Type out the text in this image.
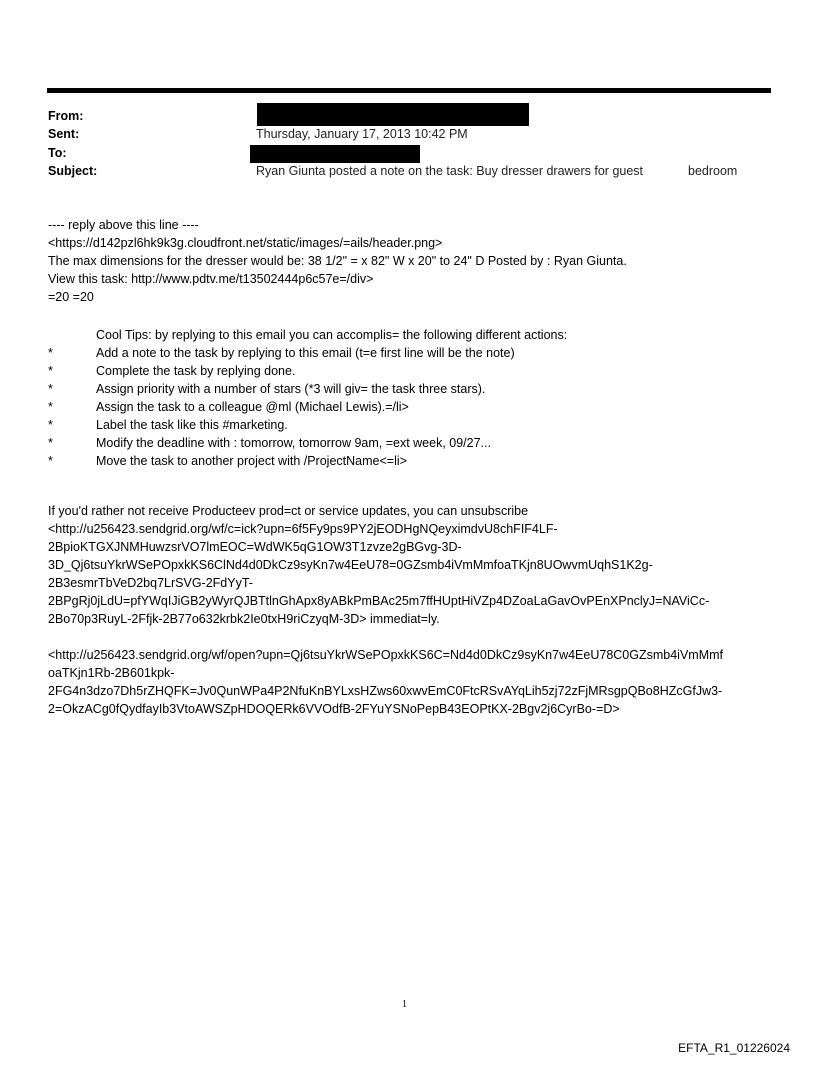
From:
Sent:	Thursday, January 17, 2013 10:42 PM
To:
Subject:	Ryan Giunta posted a note on the task: Buy dresser drawers for guest	bedroom
---- reply above this line ----
<https://d142pzl6hk9k3g.cloudfront.net/static/images/=ails/header.png>
The max dimensions for the dresser would be: 38 1/2" = x 82" W x 20" to 24" D Posted by : Ryan Giunta.
View this task: http://www.pdtv.me/t13502444p6c57e=/div>
=20 =20
Cool Tips: by replying to this email you can accomplis= the following different actions:
*	Add a note to the task by replying to this email (t=e first line will be the note)
*	Complete the task by replying done.
*	Assign priority with a number of stars (*3 will giv= the task three stars).
*	Assign the task to a colleague @ml (Michael Lewis).=/li>
*	Label the task like this #marketing.
*	Modify the deadline with : tomorrow, tomorrow 9am, =ext week, 09/27...
*	Move the task to another project with /ProjectName<=li>
If you'd rather not receive Producteev prod=ct or service updates, you can unsubscribe
<http://u256423.sendgrid.org/wf/c=ick?upn=6f5Fy9ps9PY2jEODHgNQeyximdvU8chFIF4LF-
2BpioKTGXJNMHuwzsrVO7lmEOC=WdWK5qG1OW3T1zvze2gBGvg-3D-
3D_Qj6tsuYkrWSePOpxkKS6ClNd4d0DkCz9syKn7w4EeU78=0GZsmb4iVmMmfoaTKjn8UOwvmUqhS1K2g-
2B3esmrTbVeD2bq7LrSVG-2FdYyT-
2BPgRj0jLdU=pfYWqIJiGB2yWyrQJBTtlnGhApx8yABkPmBAc25m7ffHUptHiVZp4DZoaLaGavOvPEnXPnclyJ=NAViCc-
2Bo70p3RuyL-2Ffjk-2B77o632krbk2Ie0txH9riCzyqM-3D> immediat=ly.
<http://u256423.sendgrid.org/wf/open?upn=Qj6tsuYkrWSePOpxkKS6C=Nd4d0DkCz9syKn7w4EeU78C0GZsmb4iVmMmf
oaTKjn1Rb-2B601kpk-
2FG4n3dzo7Dh5rZHQFK=Jv0QunWPa4P2NfuKnBYLxsHZws60xwvEmC0FtcRSvAYqLih5zj72zFjMRsgpQBo8HZcGfJw3-
2=OkzACg0fQydfayIb3VtoAWSZpHDOQERk6VVOdfB-2FYuYSNoPepB43EOPtKX-2Bgv2j6CyrBo-=D>
1
EFTA_R1_01226024
